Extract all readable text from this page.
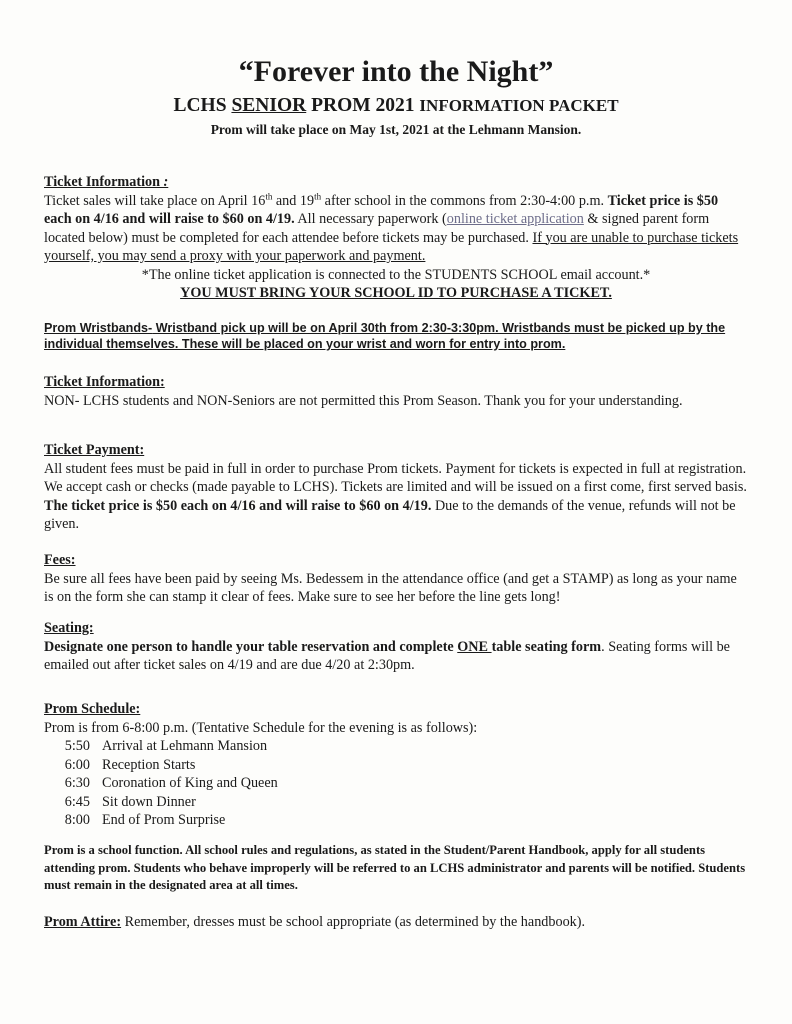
“Forever into the Night”
LCHS SENIOR PROM 2021 INFORMATION PACKET

Prom will take place on May 1st, 2021 at the Lehmann Mansion.

Ticket Information :
Ticket sales will take place on April 16th and 19th after school in the commons from 2:30-4:00 p.m. Ticket price is $50 each on 4/16 and will raise to $60 on 4/19. All necessary paperwork (online ticket application & signed parent form located below) must be completed for each attendee before tickets may be purchased. If you are unable to purchase tickets yourself, you may send a proxy with your paperwork and payment.
*The online ticket application is connected to the STUDENTS SCHOOL email account.*
YOU MUST BRING YOUR SCHOOL ID TO PURCHASE A TICKET.
Prom Wristbands- Wristband pick up will be on April 30th from 2:30-3:30pm. Wristbands must be picked up by the individual themselves. These will be placed on your wrist and worn for entry into prom.
Ticket Information:
NON- LCHS students and NON-Seniors are not permitted this Prom Season. Thank you for your understanding.
Ticket Payment:
All student fees must be paid in full in order to purchase Prom tickets. Payment for tickets is expected in full at registration. We accept cash or checks (made payable to LCHS). Tickets are limited and will be issued on a first come, first served basis. The ticket price is $50 each on 4/16 and will raise to $60 on 4/19. Due to the demands of the venue, refunds will not be given.
Fees:
Be sure all fees have been paid by seeing Ms. Bedessem in the attendance office (and get a STAMP) as long as your name is on the form she can stamp it clear of fees. Make sure to see her before the line gets long!
Seating:
Designate one person to handle your table reservation and complete ONE table seating form. Seating forms will be emailed out after ticket sales on 4/19 and are due 4/20 at 2:30pm.
Prom Schedule:
Prom is from 6-8:00 p.m. (Tentative Schedule for the evening is as follows):
5:50 Arrival at Lehmann Mansion
6:00 Reception Starts
6:30 Coronation of King and Queen
6:45 Sit down Dinner
8:00 End of Prom Surprise
Prom is a school function. All school rules and regulations, as stated in the Student/Parent Handbook, apply for all students attending prom. Students who behave improperly will be referred to an LCHS administrator and parents will be notified. Students must remain in the designated area at all times.
Prom Attire: Remember, dresses must be school appropriate (as determined by the handbook).
